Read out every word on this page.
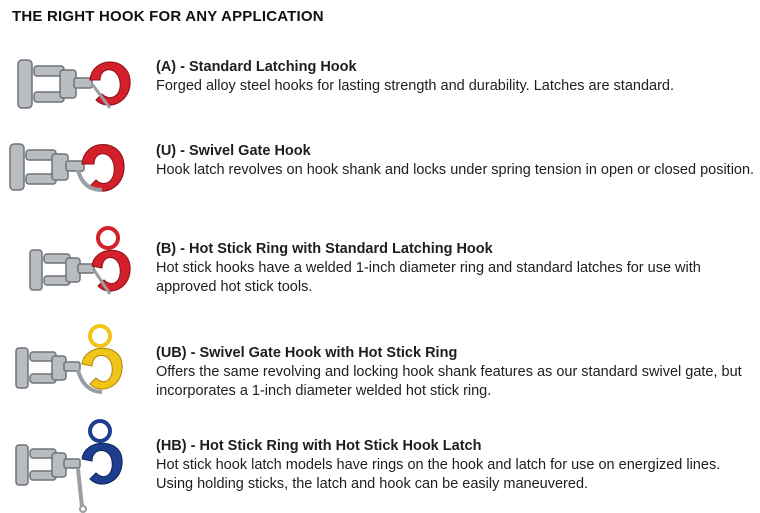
THE RIGHT HOOK FOR ANY APPLICATION
(A) - Standard Latching Hook
Forged alloy steel hooks for lasting strength and durability. Latches are standard.
(U) - Swivel Gate Hook
Hook latch revolves on hook shank and locks under spring tension in open or closed position.
(B) - Hot Stick Ring with Standard Latching Hook
Hot stick hooks have a welded 1-inch diameter ring and standard latches for use with approved hot stick tools.
(UB) - Swivel Gate Hook with Hot Stick Ring
Offers the same revolving and locking hook shank features as our standard swivel gate, but incorporates a 1-inch diameter welded hot stick ring.
(HB) - Hot Stick Ring with Hot Stick Hook Latch
Hot stick hook latch models have rings on the hook and latch for use on energized lines. Using holding sticks, the latch and hook can be easily maneuvered.
